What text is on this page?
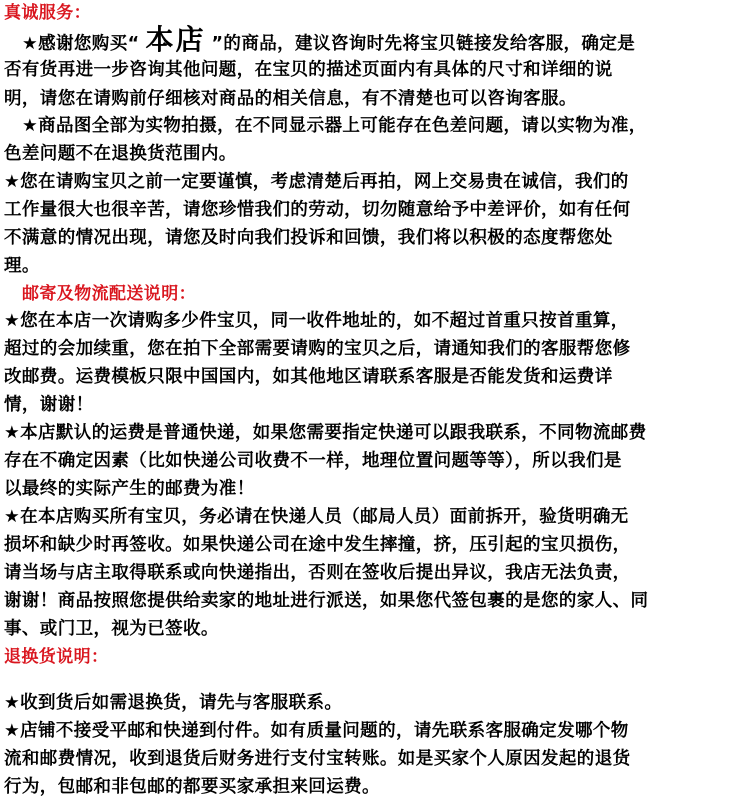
真诚服务：
★感谢您购买“ 本店 ”的商品，建议咨询时先将宝贝链接发给客服，确定是
否有货再进一步咨询其他问题，在宝贝的描述页面内有具体的尺寸和详细的说
明，请您在请购前仔细核对商品的相关信息，有不清楚也可以咨询客服。
★商品图全部为实物拍摄，在不同显示器上可能存在色差问题，请以实物为准，
色差问题不在退换货范围内。
★您在请购宝贝之前一定要谨慎，考虑清楚后再拍，网上交易贵在诚信，我们的
工作量很大也很辛苦，请您珍惜我们的劳动，切勿随意给予中差评价，如有任何
不满意的情况出现，请您及时向我们投诉和回馈，我们将以积极的态度帮您处
理。
邮寄及物流配送说明：
★您在本店一次请购多少件宝贝，同一收件地址的，如不超过首重只按首重算，
超过的会加续重，您在拍下全部需要请购的宝贝之后，请通知我们的客服帮您修
改邮费。运费模板只限中国国内，如其他地区请联系客服是否能发货和运费详
情，谢谢！
★本店默认的运费是普通快递，如果您需要指定快递可以跟我联系，不同物流邮费
存在不确定因素（比如快递公司收费不一样，地理位置问题等等），所以我们是
以最终的实际产生的邮费为准！
★在本店购买所有宝贝，务必请在快递人员（邮局人员）面前拆开，验货明确无
损坏和缺少时再签收。如果快递公司在途中发生摔撞，挤，压引起的宝贝损伤，
请当场与店主取得联系或向快递指出，否则在签收后提出异议，我店无法负责，
谢谢！商品按照您提供给卖家的地址进行派送，如果您代签包裹的是您的家人、同
事、或门卫，视为已签收。
退换货说明：
★收到货后如需退换货，请先与客服联系。
★店铺不接受平邮和快递到付件。如有质量问题的，请先联系客服确定发哪个物
流和邮费情况，收到退货后财务进行支付宝转账。如是买家个人原因发起的退货
行为，包邮和非包邮的都要买家承担来回运费。
